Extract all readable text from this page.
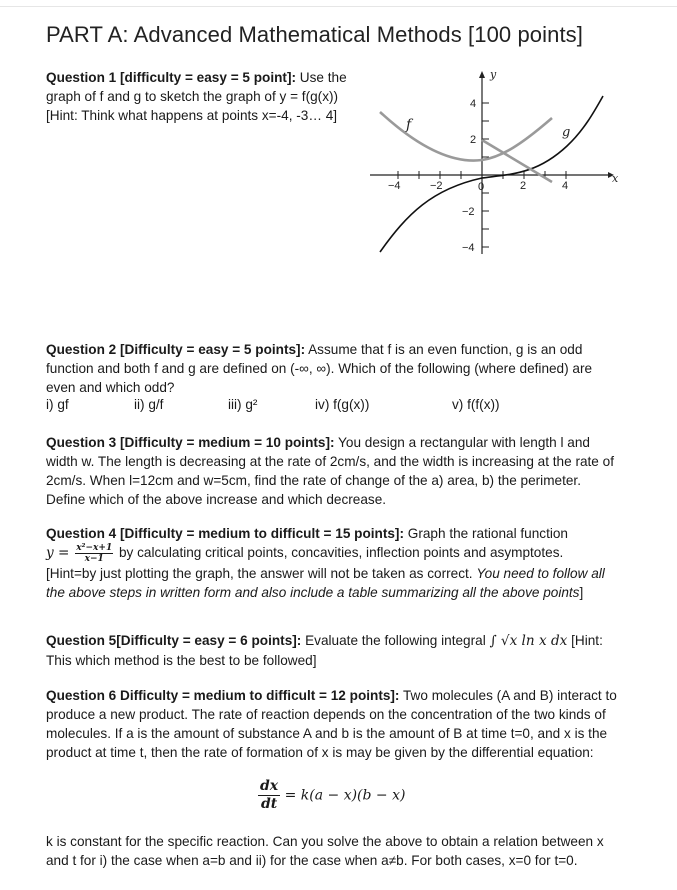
PART A: Advanced Mathematical Methods [100 points]
Question 1 [difficulty = easy = 5 point]: Use the graph of f and g to sketch the graph of y = f(g(x))
[Hint: Think what happens at points x=-4, -3… 4]
y
x
f	g
−4	−2	0	2	4
4
2
−2
−4
Question 2 [Difficulty = easy = 5 points]: Assume that f is an even function, g is an odd function and both f and g are defined on (-∞, ∞). Which of the following (where defined) are even and which odd?
i) gf	ii) g/f	iii) g²	iv) f(g(x))	v) f(f(x))
Question 3 [Difficulty = medium = 10 points]: You design a rectangular with length l and width w. The length is decreasing at the rate of 2cm/s, and the width is increasing at the rate of 2cm/s. When l=12cm and w=5cm, find the rate of change of the a) area, b) the perimeter. Define which of the above increase and which decrease.
Question 4 [Difficulty = medium to difficult = 15 points]: Graph the rational function
$y = \frac{\text{x²−x+1}}{x-1}$ by calculating critical points, concavities, inflection points and asymptotes.
[Hint=by just plotting the graph, the answer will not be taken as correct. You need to follow all the above steps in written form and also include a table summarizing all the above points]
Question 5[Difficulty = easy = 6 points]: Evaluate the following integral ∫ √x ln x dx [Hint: This which method is the best to be followed]
Question 6 Difficulty = medium to difficult = 12 points]: Two molecules (A and B) interact to produce a new product. The rate of reaction depends on the concentration of the two kinds of molecules. If a is the amount of substance A and b is the amount of B at time t=0, and x is the product at time t, then the rate of formation of x is may be given by the differential equation:
$\frac{dx}{dt} = k(a - x)(b - x)$
k is constant for the specific reaction. Can you solve the above to obtain a relation between x and t for i) the case when a=b and ii) for the case when a≠b. For both cases, x=0 for t=0.
